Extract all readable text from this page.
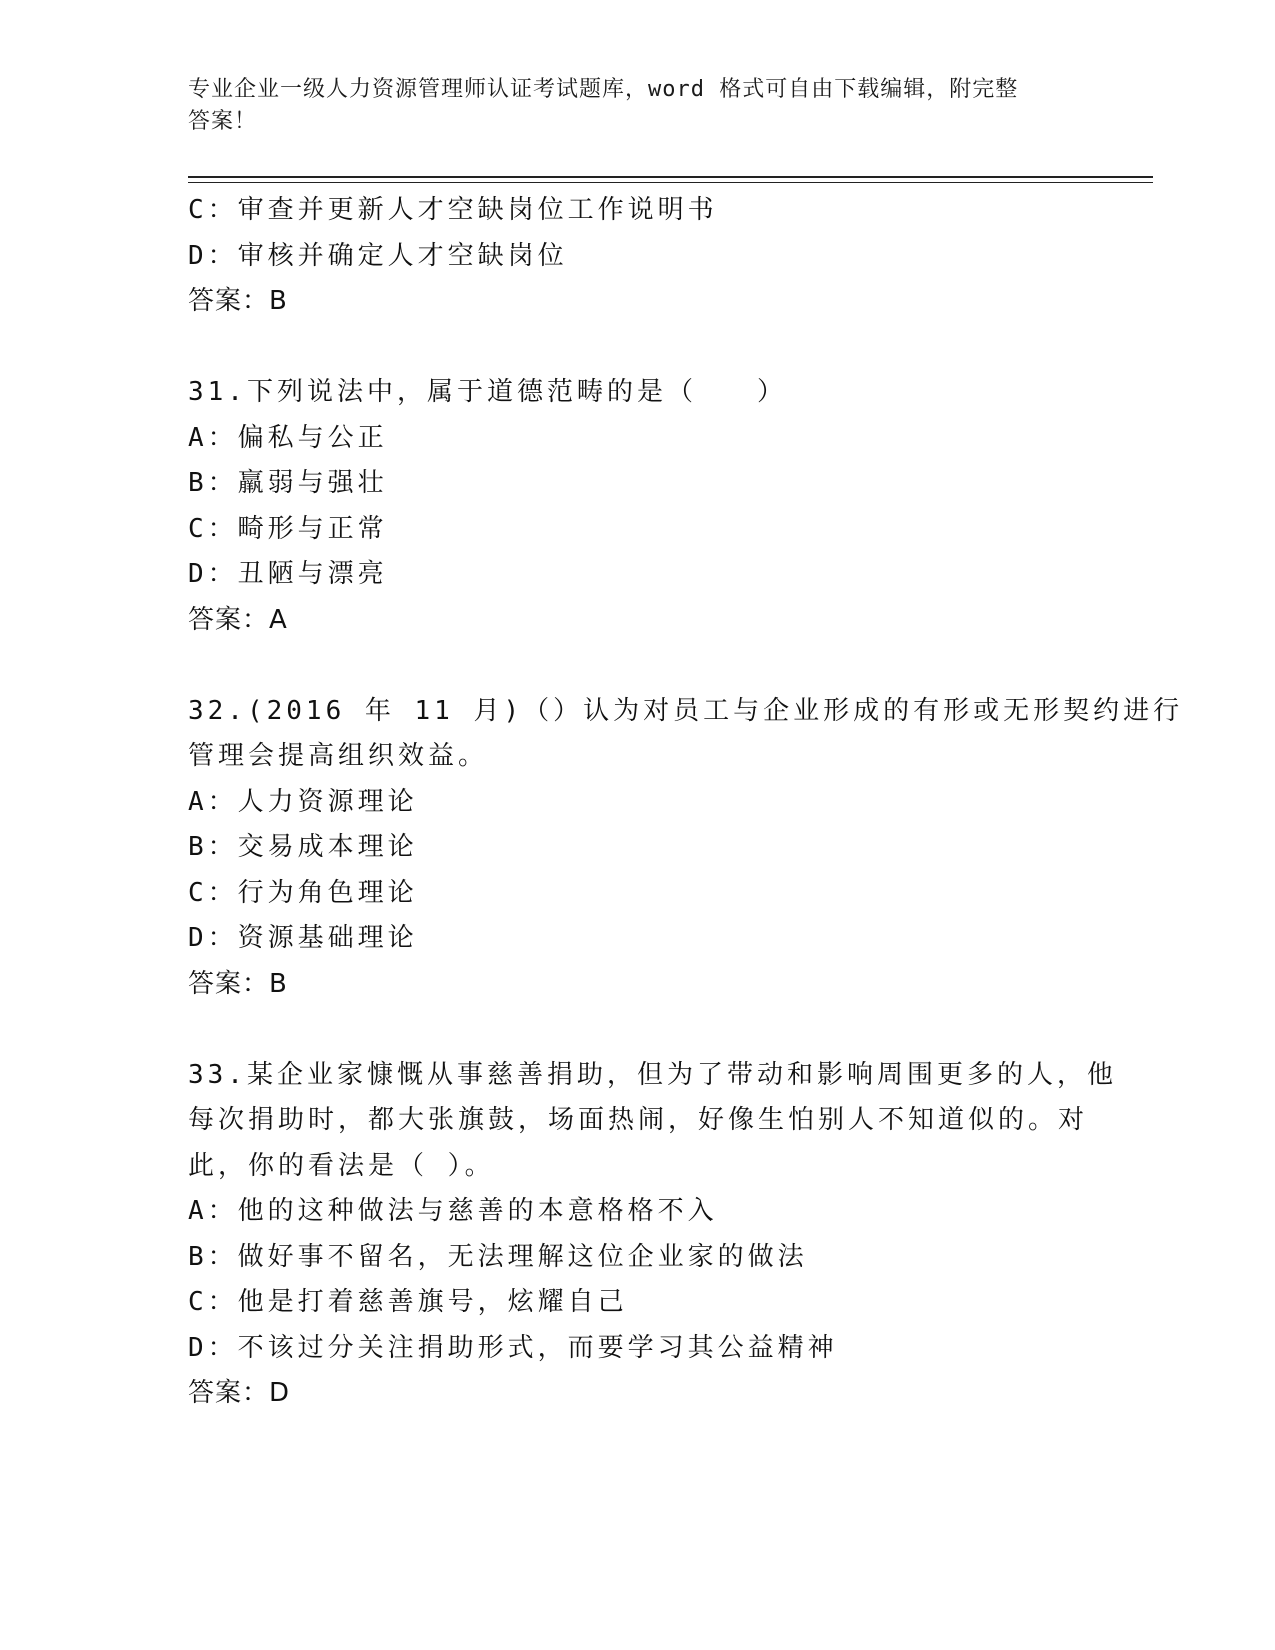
专业企业一级人力资源管理师认证考试题库，word 格式可自由下载编辑，附完整
答案！
C：审查并更新人才空缺岗位工作说明书
D：审核并确定人才空缺岗位
答案：B
31.下列说法中，属于道德范畴的是（　　）
A：偏私与公正
B：羸弱与强壮
C：畸形与正常
D：丑陋与漂亮
答案：A
32.(2016 年 11 月)（）认为对员工与企业形成的有形或无形契约进行
管理会提高组织效益。
A：人力资源理论
B：交易成本理论
C：行为角色理论
D：资源基础理论
答案：B
33.某企业家慷慨从事慈善捐助，但为了带动和影响周围更多的人，他
每次捐助时，都大张旗鼓，场面热闹，好像生怕别人不知道似的。对
此，你的看法是（ ）。
A：他的这种做法与慈善的本意格格不入
B：做好事不留名，无法理解这位企业家的做法
C：他是打着慈善旗号，炫耀自己
D：不该过分关注捐助形式，而要学习其公益精神
答案：D
